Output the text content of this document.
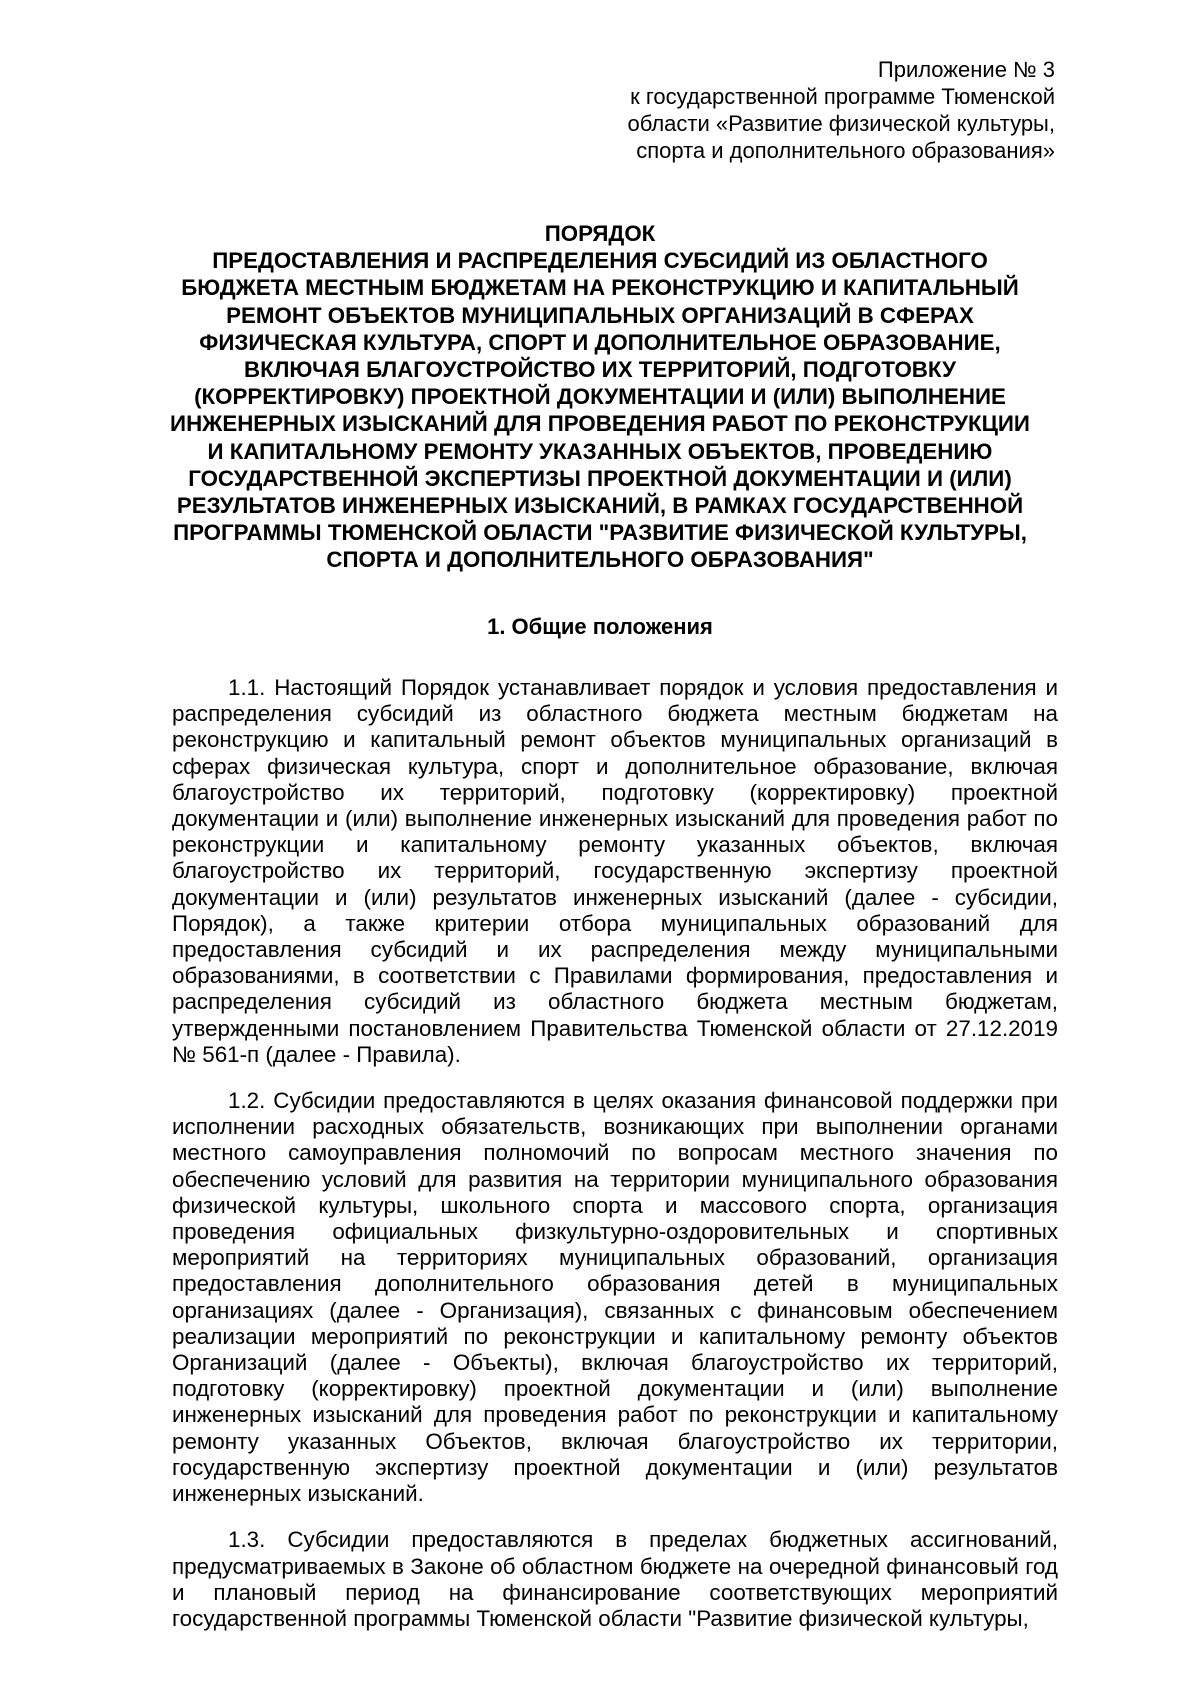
Приложение № 3
к государственной программе Тюменской
области «Развитие физической культуры,
спорта и дополнительного образования»
ПОРЯДОК
ПРЕДОСТАВЛЕНИЯ И РАСПРЕДЕЛЕНИЯ СУБСИДИЙ ИЗ ОБЛАСТНОГО
БЮДЖЕТА МЕСТНЫМ БЮДЖЕТАМ НА РЕКОНСТРУКЦИЮ И КАПИТАЛЬНЫЙ
РЕМОНТ ОБЪЕКТОВ МУНИЦИПАЛЬНЫХ ОРГАНИЗАЦИЙ В СФЕРАХ
ФИЗИЧЕСКАЯ КУЛЬТУРА, СПОРТ И ДОПОЛНИТЕЛЬНОЕ ОБРАЗОВАНИЕ,
ВКЛЮЧАЯ БЛАГОУСТРОЙСТВО ИХ ТЕРРИТОРИЙ, ПОДГОТОВКУ
(КОРРЕКТИРОВКУ) ПРОЕКТНОЙ ДОКУМЕНТАЦИИ И (ИЛИ) ВЫПОЛНЕНИЕ
ИНЖЕНЕРНЫХ ИЗЫСКАНИЙ ДЛЯ ПРОВЕДЕНИЯ РАБОТ ПО РЕКОНСТРУКЦИИ
И КАПИТАЛЬНОМУ РЕМОНТУ УКАЗАННЫХ ОБЪЕКТОВ, ПРОВЕДЕНИЮ
ГОСУДАРСТВЕННОЙ ЭКСПЕРТИЗЫ ПРОЕКТНОЙ ДОКУМЕНТАЦИИ И (ИЛИ)
РЕЗУЛЬТАТОВ ИНЖЕНЕРНЫХ ИЗЫСКАНИЙ, В РАМКАХ ГОСУДАРСТВЕННОЙ
ПРОГРАММЫ ТЮМЕНСКОЙ ОБЛАСТИ "РАЗВИТИЕ ФИЗИЧЕСКОЙ КУЛЬТУРЫ,
СПОРТА И ДОПОЛНИТЕЛЬНОГО ОБРАЗОВАНИЯ"
1. Общие положения

1.1. Настоящий Порядок устанавливает порядок и условия предоставления и распределения субсидий из областного бюджета местным бюджетам на реконструкцию и капитальный ремонт объектов муниципальных организаций в сферах физическая культура, спорт и дополнительное образование, включая благоустройство их территорий, подготовку (корректировку) проектной документации и (или) выполнение инженерных изысканий для проведения работ по реконструкции и капитальному ремонту указанных объектов, включая благоустройство их территорий, государственную экспертизу проектной документации и (или) результатов инженерных изысканий (далее - субсидии, Порядок), а также критерии отбора муниципальных образований для предоставления субсидий и их распределения между муниципальными образованиями, в соответствии с Правилами формирования, предоставления и распределения субсидий из областного бюджета местным бюджетам, утвержденными постановлением Правительства Тюменской области от 27.12.2019 № 561-п (далее - Правила).

1.2. Субсидии предоставляются в целях оказания финансовой поддержки при исполнении расходных обязательств, возникающих при выполнении органами местного самоуправления полномочий по вопросам местного значения по обеспечению условий для развития на территории муниципального образования физической культуры, школьного спорта и массового спорта, организация проведения официальных физкультурно-оздоровительных и спортивных мероприятий на территориях муниципальных образований, организация предоставления дополнительного образования детей в муниципальных организациях (далее - Организация), связанных с финансовым обеспечением реализации мероприятий по реконструкции и капитальному ремонту объектов Организаций (далее - Объекты), включая благоустройство их территорий, подготовку (корректировку) проектной документации и (или) выполнение инженерных изысканий для проведения работ по реконструкции и капитальному ремонту указанных Объектов, включая благоустройство их территории, государственную экспертизу проектной документации и (или) результатов инженерных изысканий.

1.3. Субсидии предоставляются в пределах бюджетных ассигнований, предусматриваемых в Законе об областном бюджете на очередной финансовый год и плановый период на финансирование соответствующих мероприятий государственной программы Тюменской области "Развитие физической культуры,
